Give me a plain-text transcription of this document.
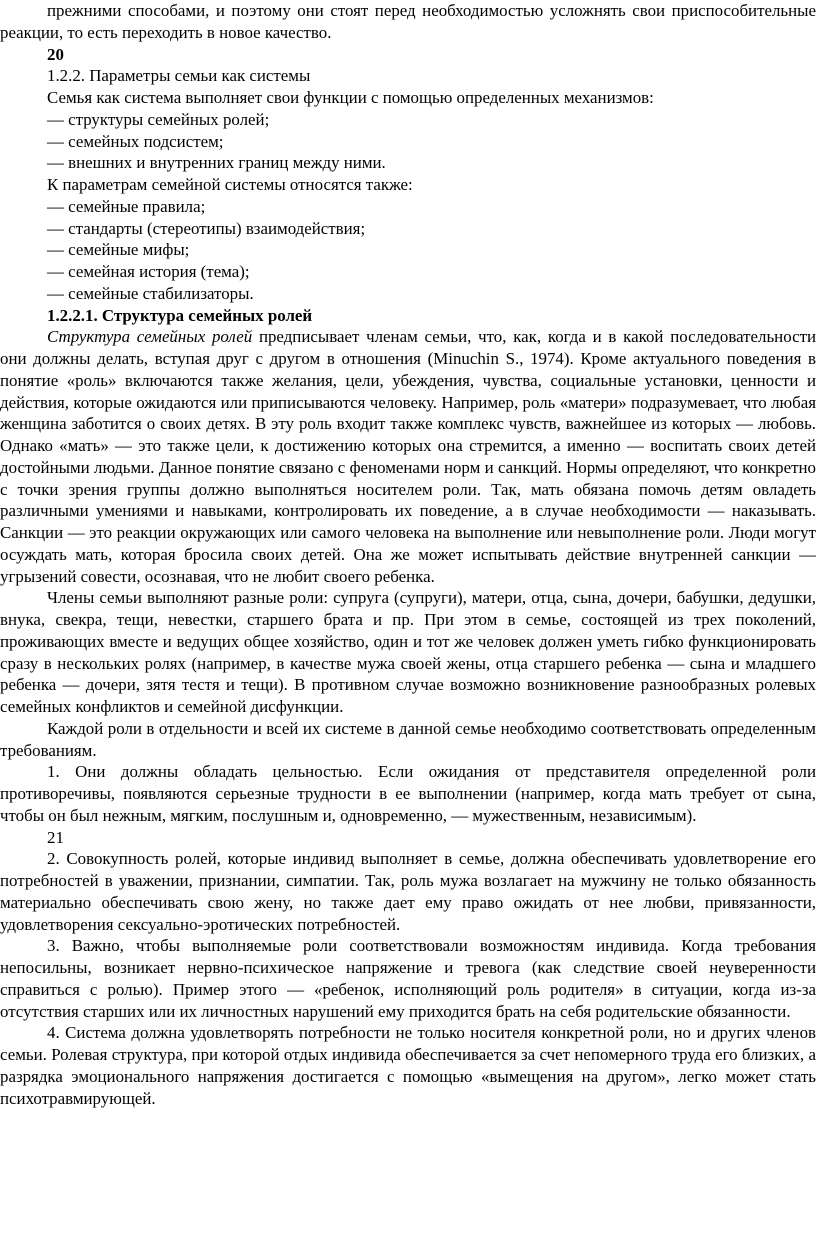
прежними способами, и поэтому они стоят перед необходимостью усложнять свои приспособительные реакции, то есть переходить в новое качество.

20

1.2.2. Параметры семьи как системы

Семья как система выполняет свои функции с помощью определенных механизмов:

— структуры семейных ролей;

— семейных подсистем;

— внешних и внутренних границ между ними.

К параметрам семейной системы относятся также:

— семейные правила;

— стандарты (стереотипы) взаимодействия;

— семейные мифы;

— семейная история (тема);

— семейные стабилизаторы.

1.2.2.1. Структура семейных ролей

Структура семейных ролей предписывает членам семьи, что, как, когда и в какой последовательности они должны делать, вступая друг с другом в отношения (Minuchin S., 1974). Кроме актуального поведения в понятие «роль» включаются также желания, цели, убеждения, чувства, социальные установки, ценности и действия, которые ожидаются или приписываются человеку. Например, роль «матери» подразумевает, что любая женщина заботится о своих детях. В эту роль входит также комплекс чувств, важнейшее из которых — любовь. Однако «мать» — это также цели, к достижению которых она стремится, а именно — воспитать своих детей достойными людьми. Данное понятие связано с феноменами норм и санкций. Нормы определяют, что конкретно с точки зрения группы должно выполняться носителем роли. Так, мать обязана помочь детям овладеть различными умениями и навыками, контролировать их поведение, а в случае необходимости — наказывать. Санкции — это реакции окружающих или самого человека на выполнение или невыполнение роли. Люди могут осуждать мать, которая бросила своих детей. Она же может испытывать действие внутренней санкции — угрызений совести, осознавая, что не любит своего ребенка.

Члены семьи выполняют разные роли: супруга (супруги), матери, отца, сына, дочери, бабушки, дедушки, внука, свекра, тещи, невестки, старшего брата и пр. При этом в семье, состоящей из трех поколений, проживающих вместе и ведущих общее хозяйство, один и тот же человек должен уметь гибко функционировать сразу в нескольких ролях (например, в качестве мужа своей жены, отца старшего ребенка — сына и младшего ребенка — дочери, зятя тестя и тещи). В противном случае возможно возникновение разнообразных ролевых семейных конфликтов и семейной дисфункции.

Каждой роли в отдельности и всей их системе в данной семье необходимо соответствовать определенным требованиям.

1. Они должны обладать цельностью. Если ожидания от представителя определенной роли противоречивы, появляются серьезные трудности в ее выполнении (например, когда мать требует от сына, чтобы он был нежным, мягким, послушным и, одновременно, — мужественным, независимым).

21

2. Совокупность ролей, которые индивид выполняет в семье, должна обеспечивать удовлетворение его потребностей в уважении, признании, симпатии. Так, роль мужа возлагает на мужчину не только обязанность материально обеспечивать свою жену, но также дает ему право ожидать от нее любви, привязанности, удовлетворения сексуально-эротических потребностей.

3. Важно, чтобы выполняемые роли соответствовали возможностям индивида. Когда требования непосильны, возникает нервно-психическое напряжение и тревога (как следствие своей неуверенности справиться с ролью). Пример этого — «ребенок, исполняющий роль родителя» в ситуации, когда из-за отсутствия старших или их личностных нарушений ему приходится брать на себя родительские обязанности.

4. Система должна удовлетворять потребности не только носителя конкретной роли, но и других членов семьи. Ролевая структура, при которой отдых индивида обеспечивается за счет непомерного труда его близких, а разрядка эмоционального напряжения достигается с помощью «вымещения на другом», легко может стать психотравмирующей.
